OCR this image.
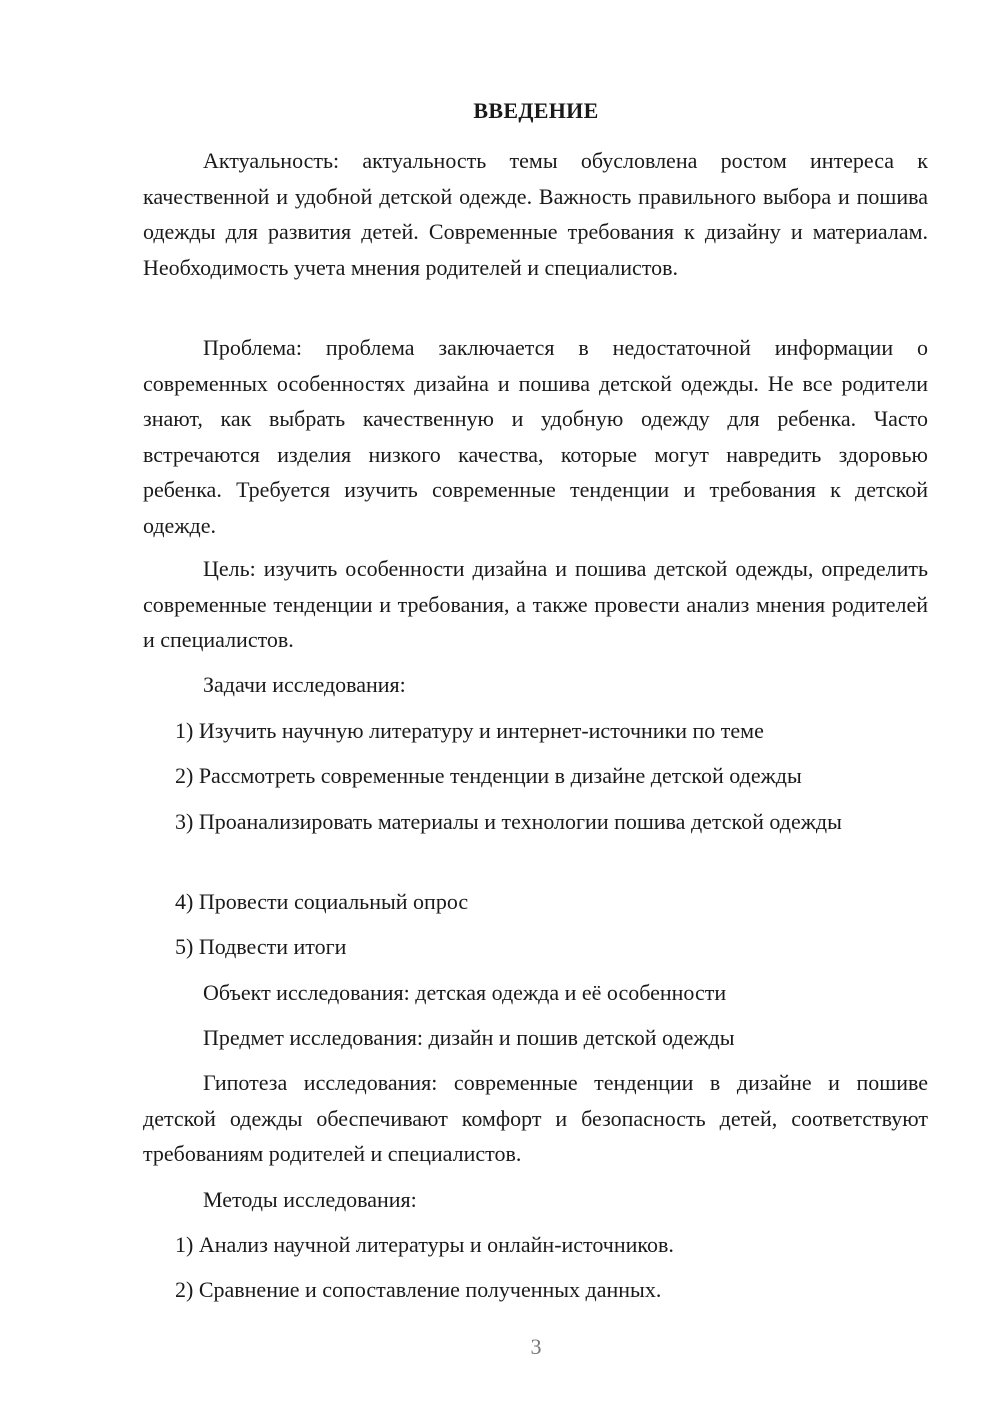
ВВЕДЕНИЕ

Актуальность: актуальность темы обусловлена ростом интереса к качественной и удобной детской одежде. Важность правильного выбора и пошива одежды для развития детей. Современные требования к дизайну и материалам. Необходимость учета мнения родителей и специалистов.

Проблема: проблема заключается в недостаточной информации о современных особенностях дизайна и пошива детской одежды. Не все родители знают, как выбрать качественную и удобную одежду для ребенка. Часто встречаются изделия низкого качества, которые могут навредить здоровью ребенка. Требуется изучить современные тенденции и требования к детской одежде.

Цель: изучить особенности дизайна и пошива детской одежды, определить современные тенденции и требования, а также провести анализ мнения родителей и специалистов.

Задачи исследования:

1) Изучить научную литературу и интернет-источники по теме

2) Рассмотреть современные тенденции в дизайне детской одежды

3) Проанализировать материалы и технологии пошива детской одежды

4) Провести социальный опрос

5) Подвести итоги

Объект исследования: детская одежда и её особенности

Предмет исследования: дизайн и пошив детской одежды

Гипотеза исследования: современные тенденции в дизайне и пошиве детской одежды обеспечивают комфорт и безопасность детей, соответствуют требованиям родителей и специалистов.

Методы исследования:

1) Анализ научной литературы и онлайн-источников.

2) Сравнение и сопоставление полученных данных.

3
